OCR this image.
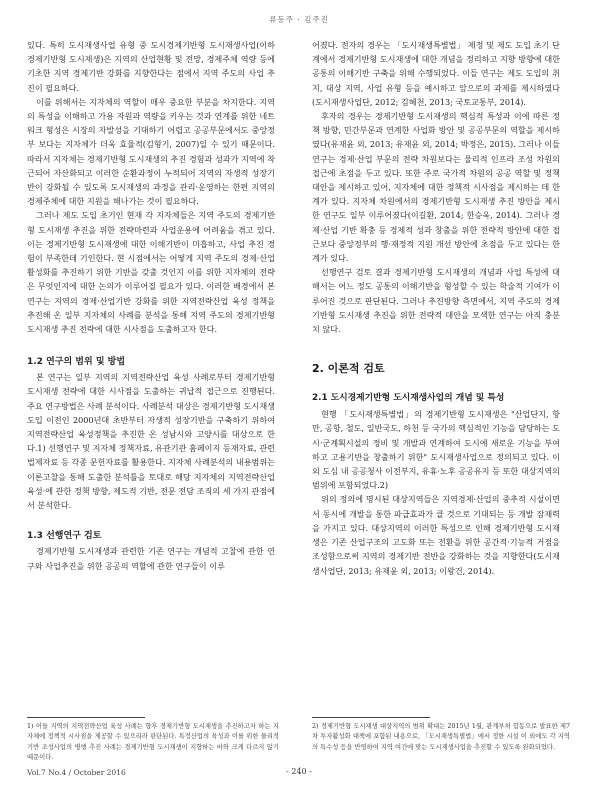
류동주 · 김주진

있다. 특히 도시재생사업 유형 중 도시경제기반형 도시재생사업(이하 경제기반형 도시재생)은 지역의 산업현황 및 전망, 경제주체 역량 등에 기초한 지역 경제기반 강화를 지향한다는 점에서 지역 주도의 사업 추진이 필요하다.

이를 위해서는 지자체의 역할이 매우 중요한 부분을 차지한다. 지역의 특성을 이해하고 가용 자원과 역량을 키우는 것과 연계를 위한 네트워크 형성은 시장의 자발성을 기대하기 어렵고 공공부문에서도 중앙정부 보다는 지자체가 더욱 효율적(김형기, 2007)일 수 있기 때문이다. 따라서 지자체는 경제기반형 도시재생의 추진 경험과 성과가 지역에 착근되어 자산화되고 이러한 순환과정이 누적되어 지역의 자생적 성장기반이 강화될 수 있도록 도시재생의 과정을 관리·운영하는 한편 지역의 경제주체에 대한 지원을 해나가는 것이 필요하다.

그러나 제도 도입 초기인 현재 각 지자체들은 지역 주도의 경제기반형 도시재생 추진을 위한 전략마련과 사업운용에 어려움을 겪고 있다. 이는 경제기반형 도시재생에 대한 이해기반이 미흡하고, 사업 추진 경험이 부족한데 기인한다. 현 시점에서는 어떻게 지역 주도의 경제·산업 활성화를 추진하기 위한 기반을 갖출 것인지 이를 위한 지자체의 전략은 무엇인지에 대한 논의가 이루어질 필요가 있다. 이러한 배경에서 본 연구는 지역의 경제·산업기반 강화를 위한 지역전략산업 육성 정책을 추진해 온 일부 지자체의 사례를 분석을 통해 지역 주도의 경제기반형 도시재생 추진 전략에 대한 시사점을 도출하고자 한다.

1.2 연구의 범위 및 방법

본 연구는 일부 지역의 지역전략산업 육성 사례로부터 경제기반형 도시재생 전략에 대한 시사점을 도출하는 귀납적 접근으로 진행된다. 주요 연구방법은 사례 분석이다. 사례분석 대상은 경제기반형 도시재생 도입 이전인 2000년대 초반부터 자생적 성장기반을 구축하기 위하여 지역전략산업 육성정책을 추진한 온 성남시와 고양시를 대상으로 한다.1) 선행연구 및 지자체 정책자료, 유관기관 홈페이지 등재자료, 관련 법제자료 등 각종 문헌자료를 활용한다. 지자체 사례분석의 내용범위는 이론고찰을 통해 도출한 분석틀을 토대로 해당 지자체의 지역전략산업 육성·에 관한 정책 방향, 제도적 기반, 전문 전담 조직의 세 가지 관점에서 분석한다.

1.3 선행연구 검토

경제기반형 도시재생과 관련한 기존 연구는 개념적 고찰에 관한 연구와 사업추진을 위한 공공의 역할에 관한 연구들이 이루

어졌다. 전자의 경우는 「도시재생특별법」 제정 및 제도 도입 초기 단계에서 경제기반형 도시재생에 대한 개념을 정리하고 지향 방향에 대한 공통의 이해기반 구축을 위해 수행되었다. 이들 연구는 제도 도입의 취지, 대상 지역, 사업 유형 등을 예시하고 앞으로의 과제를 제시하였다(도시재생사업단, 2012; 김혜천, 2013; 국토교통부, 2014).

후자의 경우는 경제기반형 도시재생의 핵심적 특성과 이에 따른 정책 방향, 민간부문과 연계한 사업화 방안 및 공공부문의 역할을 제시하였다(유재윤 외, 2013; 유재윤 외, 2014; 박정은, 2015). 그러나 이들 연구는 경제·산업 부문의 전략 차원보다는 물리적 인프라 조성 차원의 접근에 초점을 두고 있다. 또한 주로 국가적 차원의 공공 역할 및 정책대안을 제시하고 있어, 지자체에 대한 정책적 시사점을 제시하는 데 한계가 있다. 지자체 차원에서의 경제기반형 도시재생 추진 방안을 제시한 연구도 일부 이루어졌다(이길환, 2014; 한승욱, 2014). 그러나 경제·산업 기반 확충 등 경제적 성과 창출을 위한 전략적 방안에 대한 접근보다 중앙정부의 행·재정적 지원 개선 방안에 초점을 두고 있다는 한계가 있다.

선행연구 검토 결과 경제기반형 도시재생의 개념과 사업 특성에 대해서는 어느 정도 공통의 이해기반을 형성할 수 있는 학술적 기여가 이루어진 것으로 판단된다. 그러나 추진방향 측면에서, 지역 주도의 경제기반형 도시재생 추진을 위한 전략적 대안을 모색한 연구는 아직 충분치 않다.

2. 이론적 검토
2.1 도시경제기반형 도시재생사업의 개념 및 특성

현행 「도시재생특별법」의 경제기반형 도시재생은 "산업단지, 항만, 공항, 철도, 일반국도, 하천 등 국가의 핵심적인 기능을 담당하는 도시·군계획시설의 정비 및 개발과 연계하여 도시에 새로운 기능을 부여하고 고용기반을 창출하기 위한" 도시재생사업으로 정의되고 있다. 이 외 도심 내 공공청사 이전부지, 유휴·노후 공공유지 등 또한 대상지역의 범위에 포함되었다.2)

위의 정의에 명시된 대상지역들은 지역경제·산업의 중추적 시설이면서 동시에 개발을 통한 파급효과가 클 것으로 기대되는 등 개발 잠재력을 가지고 있다. 대상지역의 이러한 특성으로 인해 경제기반형 도시재생은 기존 산업구조의 고도화 또는 전환을 위한 공간적·기능적 거점을 조성함으로써 지역의 경제기반 전반을 강화하는 것을 지향한다(도시재생사업단, 2013; 유재윤 외, 2013; 이왕건, 2014).

1) 이들 지역의 지역전략산업 육성 사례는 향후 경제기반형 도시재생을 추진하고자 하는 지자체에 정책적 시사점을 제공할 수 있으리라 판단된다. 특정산업의 육성과 이를 위한 물리적 기반 조성사업의 병행 추진 사례는 경제기반형 도시재생이 지향하는 바와 크게 다르지 않기 때문이다.
2) 경제기반형 도시재생 대상지역의 범위 확대는 2015년 1월, 관계부처 합동으로 발표한 제7차 투자활성화 대책에 포함된 내용으로, 「도시재생특별법」에서 정한 시설 이 외에도 각 지역의 특수성 등을 반영하여 지역 여건에 맞는 도시재생사업을 추진할 수 있도록 완화되었다.
Vol.7 No.4 / October 2016	- 240 -
